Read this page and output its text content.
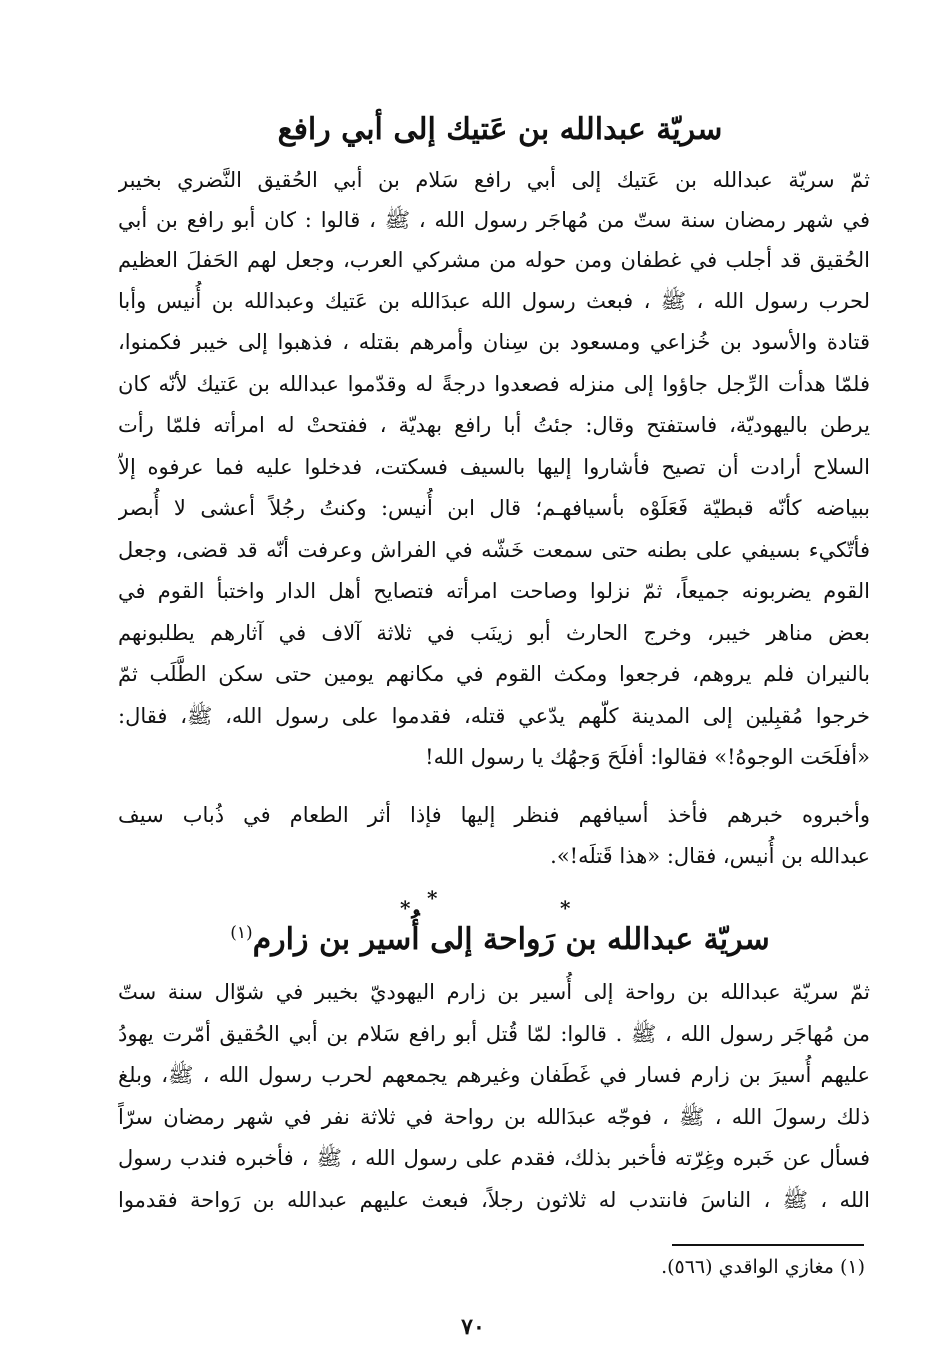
سريّة عبدالله بن عَتيك إلى أبي رافع
ثمّ سريّة عبدالله بن عَتيك إلى أبي رافع سَلام بن أبي الحُقيق النَّضري بخيبر
في شهر رمضان سنة ستّ من مُهاجَر رسول الله ، ﷺ ، قالوا : كان أبو رافع بن أبي
الحُقيق قد أجلب في غطفان ومن حوله من مشركي العرب، وجعل لهم الحَفلَ العظيم
لحرب رسول الله ، ﷺ ، فبعث رسول الله عبدَالله بن عَتيك وعبدالله بن أُنيس وأبا
قتادة والأسود بن خُزاعي ومسعود بن سِنان وأمرهم بقتله ، فذهبوا إلى خيبر فكمنوا،
فلمّا هدأت الرِّجل جاؤوا إلى منزله فصعدوا درجةً له وقدّموا عبدالله بن عَتيك لأنّه كان
يرطن باليهوديّة، فاستفتح وقال: جئتُ أبا رافع بهديّة ، ففتحتْ له امرأته فلمّا رأت
السلاح أرادت أن تصيح فأشاروا إليها بالسيف فسكتت، فدخلوا عليه فما عرفوه إلاّ
ببياضه كأنّه قبطيّة فَعَلَوْه بأسيافهـم؛ قال ابن أُنيس: وكنتُ رجُلاً أعشى لا أُبصر
فأتّكيء بسيفي على بطنه حتى سمعت خَشّه في الفراش وعرفت أنّه قد قضى، وجعل
القوم يضربونه جميعاً، ثمّ نزلوا وصاحت امرأته فتصايح أهل الدار واختبأ القوم في
بعض مناهر خيبر، وخرج الحارث أبو زينَب في ثلاثة آلاف في آثارهم يطلبونهم
بالنيران فلم يروهم، فرجعوا ومكث القوم في مكانهم يومين حتى سكن الطَّلَب ثمّ
خرجوا مُقبِلين إلى المدينة كلّهم يدّعي قتله، فقدموا على رسول الله، ﷺ، فقال:
«أفلَحَت الوجوهُ!» فقالوا: أفلَحَ وَجهُك يا رسول الله!
وأخبروه خبرهم فأخذ أسيافهم فنظر إليها فإذا أثر الطعام في ذُباب سيف
عبدالله بن أُنيس، فقال: «هذا قَتلَه!».
*
*	*
سريّة عبدالله بن رَواحة إلى أُسير بن زارم$^{(١)}$
ثمّ سريّة عبدالله بن رواحة إلى أُسير بن زارم اليهوديّ بخيبر في شوّال سنة ستّ
من مُهاجَر رسول الله ، ﷺ . قالوا: لمّا قُتل أبو رافع سَلام بن أبي الحُقيق أمّرت يهودُ
عليهم أُسيرَ بن زارم فسار في غَطَفان وغيرهم يجمعهم لحرب رسول الله ، ﷺ، وبلغ
ذلك رسولَ الله ، ﷺ ، فوجّه عبدَالله بن رواحة في ثلاثة نفر في شهر رمضان سرّاً
فسأل عن خَبره وغِرّته فأخبر بذلك، فقدم على رسول الله ، ﷺ ، فأخبره فندب رسول
الله ، ﷺ ، الناسَ فانتدب له ثلاثون رجلاً، فبعث عليهم عبدالله بن رَواحة فقدموا
(١) مغازي الواقدي (٥٦٦).
٧٠
